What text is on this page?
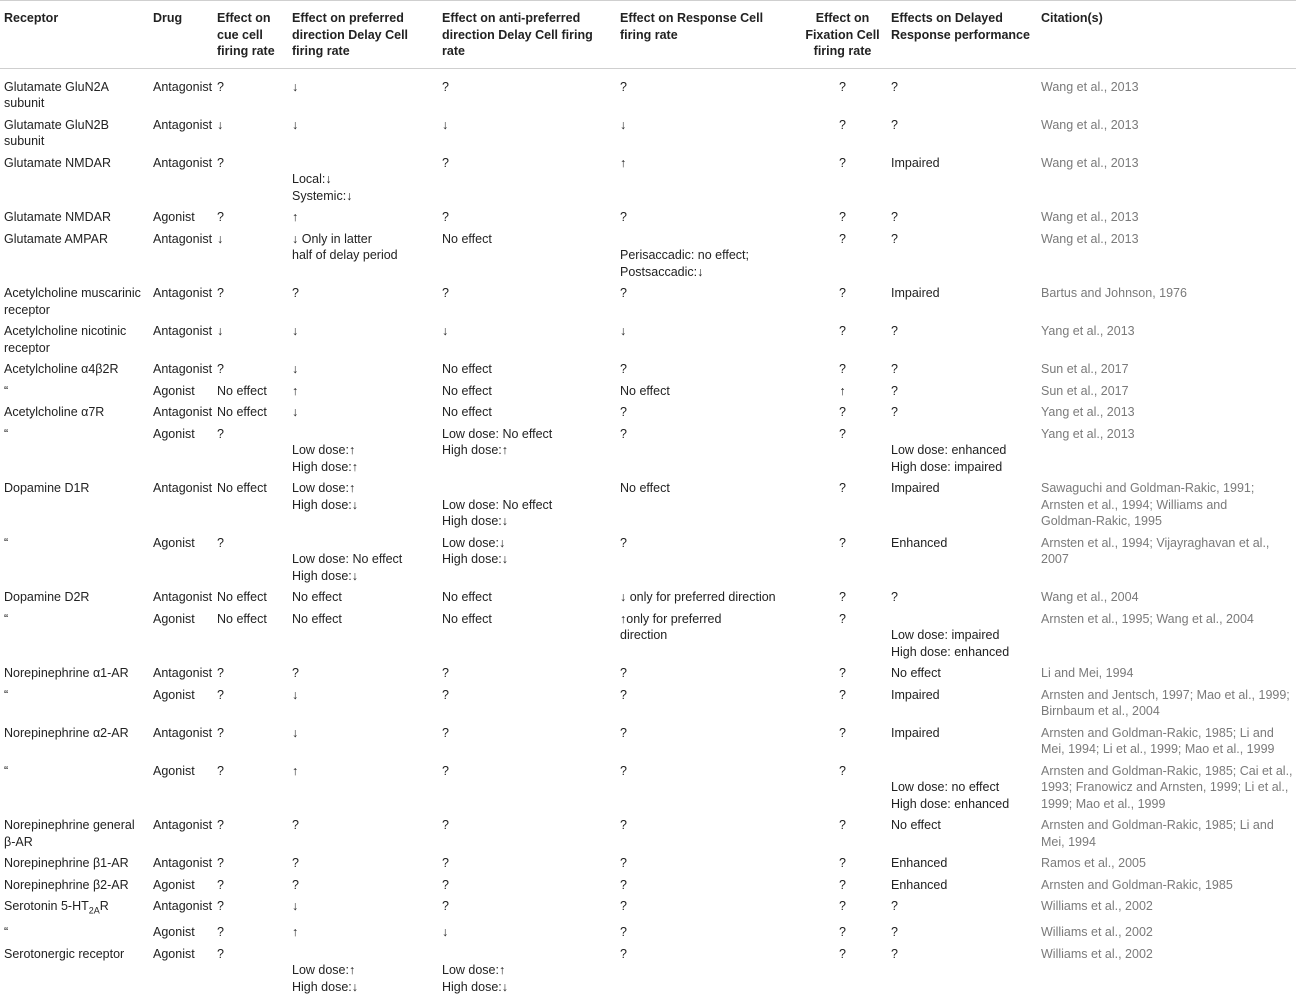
Receptor	Drug	Effect on cue cell firing rate	Effect on preferred direction Delay Cell firing rate	Effect on anti-preferred direction Delay Cell firing rate	Effect on Response Cell firing rate	Effect on Fixation Cell firing rate	Effects on Delayed Response performance	Citation(s)

Glutamate GluN2A subunit	Antagonist	?	↓	?	?	?	?	Wang et al., 2013

Glutamate GluN2B subunit	Antagonist	↓	↓	↓	↓	?	?	Wang et al., 2013

Glutamate NMDAR	Antagonist	?	Local:↓
Systemic:↓	?	↑	?	Impaired	Wang et al., 2013

Glutamate NMDAR	Agonist	?	↑	?	?	?	?	Wang et al., 2013

Glutamate AMPAR	Antagonist	↓	↓ Only in latter
half of delay period	No effect	Perisaccadic: no effect;
Postsaccadic:↓	?	?	Wang et al., 2013

Acetylcholine muscarinic receptor	Antagonist	?	?	?	?	?	Impaired	Bartus and Johnson, 1976

Acetylcholine nicotinic receptor	Antagonist	↓	↓	↓	↓	?	?	Yang et al., 2013

Acetylcholine α4β2R	Antagonist	?	↓	No effect	?	?	?	Sun et al., 2017

“	Agonist	No effect	↑	No effect	No effect	↑	?	Sun et al., 2017

Acetylcholine α7R	Antagonist	No effect	↓	No effect	?	?	?	Yang et al., 2013

“	Agonist	?	Low dose:↑
High dose:↑	Low dose: No effect
High dose:↑	?	?	Low dose: enhanced
High dose: impaired	Yang et al., 2013

Dopamine D1R	Antagonist	No effect	Low dose:↑
High dose:↓	Low dose: No effect
High dose:↓	No effect	?	Impaired	Sawaguchi and Goldman-Rakic, 1991;
Arnsten et al., 1994; Williams and
Goldman-Rakic, 1995

“	Agonist	?	Low dose: No effect
High dose:↓	Low dose:↓
High dose:↓	?	?	Enhanced	Arnsten et al., 1994; Vijayraghavan et al.,
2007

Dopamine D2R	Antagonist	No effect	No effect	No effect	↓ only for preferred direction	?	?	Wang et al., 2004

“	Agonist	No effect	No effect	No effect	↑only for preferred
direction	?	Low dose: impaired
High dose: enhanced	Arnsten et al., 1995; Wang et al., 2004

Norepinephrine α1-AR	Antagonist	?	?	?	?	?	No effect	Li and Mei, 1994

“	Agonist	?	↓	?	?	?	Impaired	Arnsten and Jentsch, 1997; Mao et al., 1999;
Birnbaum et al., 2004

Norepinephrine α2-AR	Antagonist	?	↓	?	?	?	Impaired	Arnsten and Goldman-Rakic, 1985; Li and
Mei, 1994; Li et al., 1999; Mao et al., 1999

“	Agonist	?	↑	?	?	?	Low dose: no effect
High dose: enhanced	Arnsten and Goldman-Rakic, 1985; Cai et al.,
1993; Franowicz and Arnsten, 1999; Li et al.,
1999; Mao et al., 1999

Norepinephrine general β-AR	Antagonist	?	?	?	?	?	No effect	Arnsten and Goldman-Rakic, 1985; Li and
Mei, 1994

Norepinephrine β1-AR	Antagonist	?	?	?	?	?	Enhanced	Ramos et al., 2005

Norepinephrine β2-AR	Agonist	?	?	?	?	?	Enhanced	Arnsten and Goldman-Rakic, 1985

Serotonin $5-HT_{2A}R$	Antagonist	?	↓	?	?	?	?	Williams et al., 2002

“	Agonist	?	↑	↓	?	?	?	Williams et al., 2002

Serotonergic receptor	Agonist	?	Low dose:↑
High dose:↓	Low dose:↑
High dose:↓	?	?	?	Williams et al., 2002
